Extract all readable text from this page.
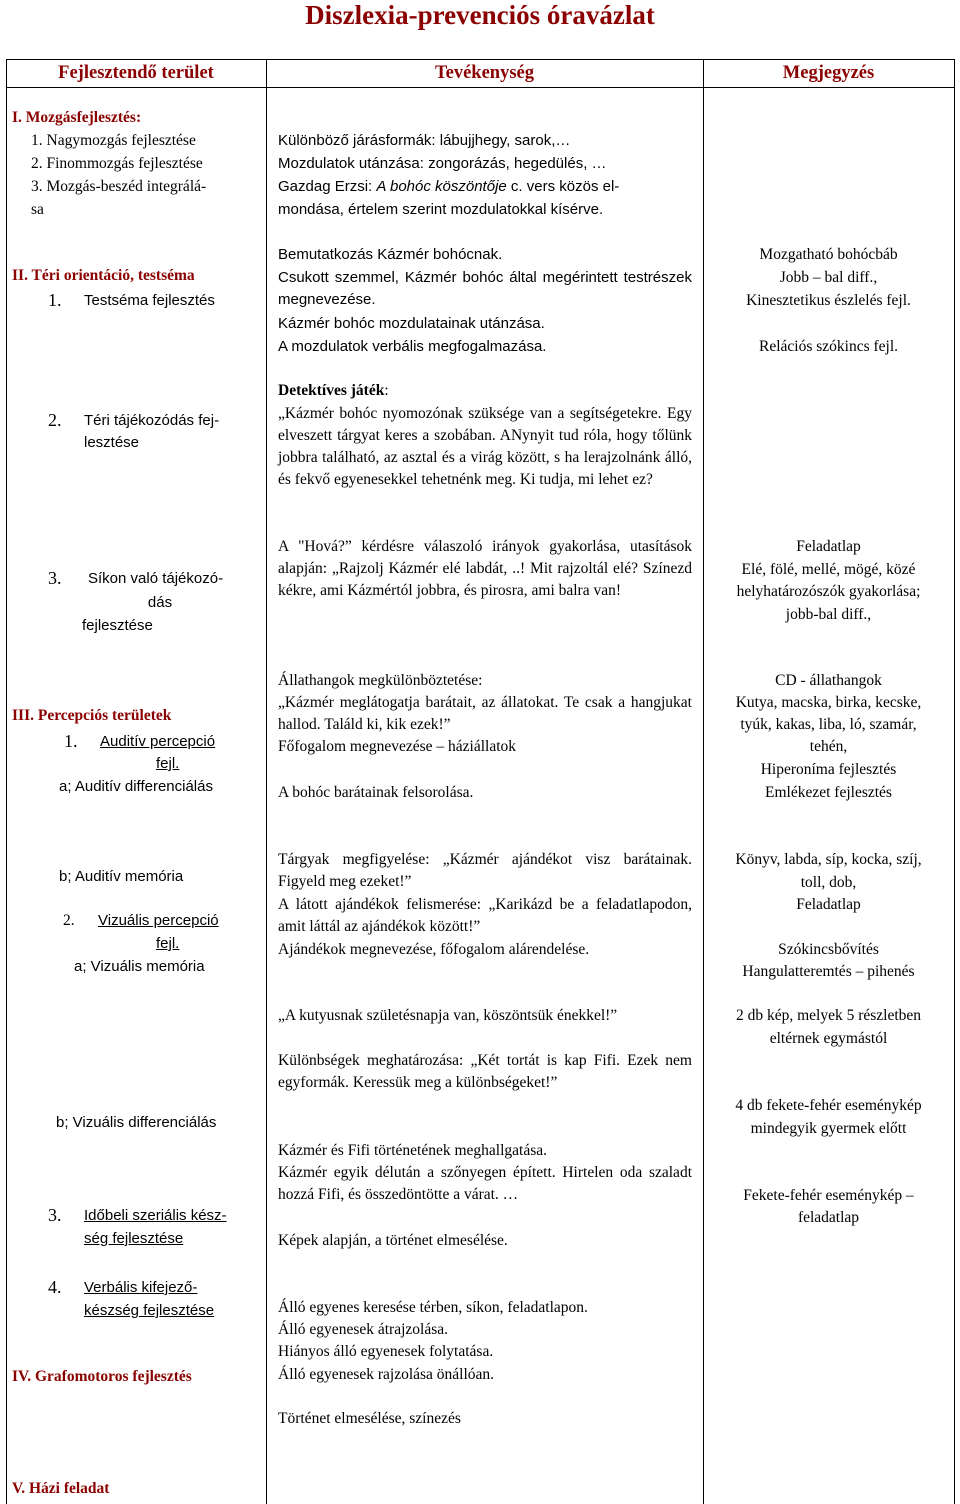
Diszlexia-prevenciós óravázlat
Fejlesztendő terület	Tevékenység	Megjegyzés
I. Mozgásfejlesztés:
1. Nagymozgás fejlesztése
2. Finommozgás fejlesztése
3. Mozgás-beszéd integrálá-
sa
II. Téri orientáció, testséma
1. Testséma fejlesztés
2. Téri tájékozódás fej-
lesztése
3. Síkon való tájékozó-
dás
fejlesztése
III. Percepciós területek
1. Auditív percepció
fejl.
a; Auditív differenciálás
b; Auditív memória
2. Vizuális percepció
fejl.
a; Vizuális memória
b; Vizuális differenciálás
3. Időbeli szeriális kész-
ség fejlesztése
4. Verbális kifejező-
készség fejlesztése
IV. Grafomotoros fejlesztés
V. Házi feladat
Különböző járásformák: lábujjhegy, sarok,…
Mozdulatok utánzása: zongorázás, hegedülés, …
Gazdag Erzsi: A bohóc köszöntője c. vers közös el-
mondása, értelem szerint mozdulatokkal kísérve.
Bemutatkozás Kázmér bohócnak.
Csukott szemmel, Kázmér bohóc által megérintett testrészek megnevezése.
Kázmér bohóc mozdulatainak utánzása.
A mozdulatok verbális megfogalmazása.
Detektíves játék:
„Kázmér bohóc nyomozónak szüksége van a segítségetekre. Egy elveszett tárgyat keres a szobában. ANynyit tud róla, hogy tőlünk jobbra található, az asztal és a virág között, s ha lerajzolnánk álló, és fekvő egyenesekkel tehetnénk meg. Ki tudja, mi lehet ez?
A "Hová?” kérdésre válaszoló irányok gyakorlása, utasítások alapján: „Rajzolj Kázmér elé labdát, ..! Mit rajzoltál elé? Színezd kékre, ami Kázmértól jobbra, és pirosra, ami balra van!
Állathangok megkülönböztetése:
„Kázmér meglátogatja barátait, az állatokat. Te csak a hangjukat hallod. Találd ki, kik ezek!”
Főfogalom megnevezése – háziállatok
A bohóc barátainak felsorolása.
Tárgyak megfigyelése: „Kázmér ajándékot visz barátainak. Figyeld meg ezeket!”
A látott ajándékok felismerése: „Karikázd be a feladatlapodon, amit láttál az ajándékok között!”
Ajándékok megnevezése, főfogalom alárendelése.
„A kutyusnak születésnapja van, köszöntsük énekkel!”
Különbségek meghatározása: „Két tortát is kap Fifi. Ezek nem egyformák. Keressük meg a különbségeket!”
Kázmér és Fifi történetének meghallgatása.
Kázmér egyik délután a szőnyegen épített. Hirtelen oda szaladt hozzá Fifi, és összedöntötte a várat. …
Képek alapján, a történet elmesélése.
Álló egyenes keresése térben, síkon, feladatlapon.
Álló egyenesek átrajzolása.
Hiányos álló egyenesek folytatása.
Álló egyenesek rajzolása önállóan.
Történet elmesélése, színezés
Mozgatható bohócbáb
Jobb – bal diff.,
Kinesztetikus észlelés fejl.
Relációs szókincs fejl.
Feladatlap
Elé, fölé, mellé, mögé, közé
helyhatározószók gyakorlása;
jobb-bal diff.,
CD - állathangok
Kutya, macska, birka, kecske,
tyúk, kakas, liba, ló, szamár,
tehén,
Hiperoníma fejlesztés
Emlékezet fejlesztés
Könyv, labda, síp, kocka, szíj,
toll, dob,
Feladatlap
Szókincsbővítés
Hangulatteremtés – pihenés
2 db kép, melyek 5 részletben
eltérnek egymástól
4 db fekete-fehér eseménykép
mindegyik gyermek előtt
Fekete-fehér eseménykép –
feladatlap
